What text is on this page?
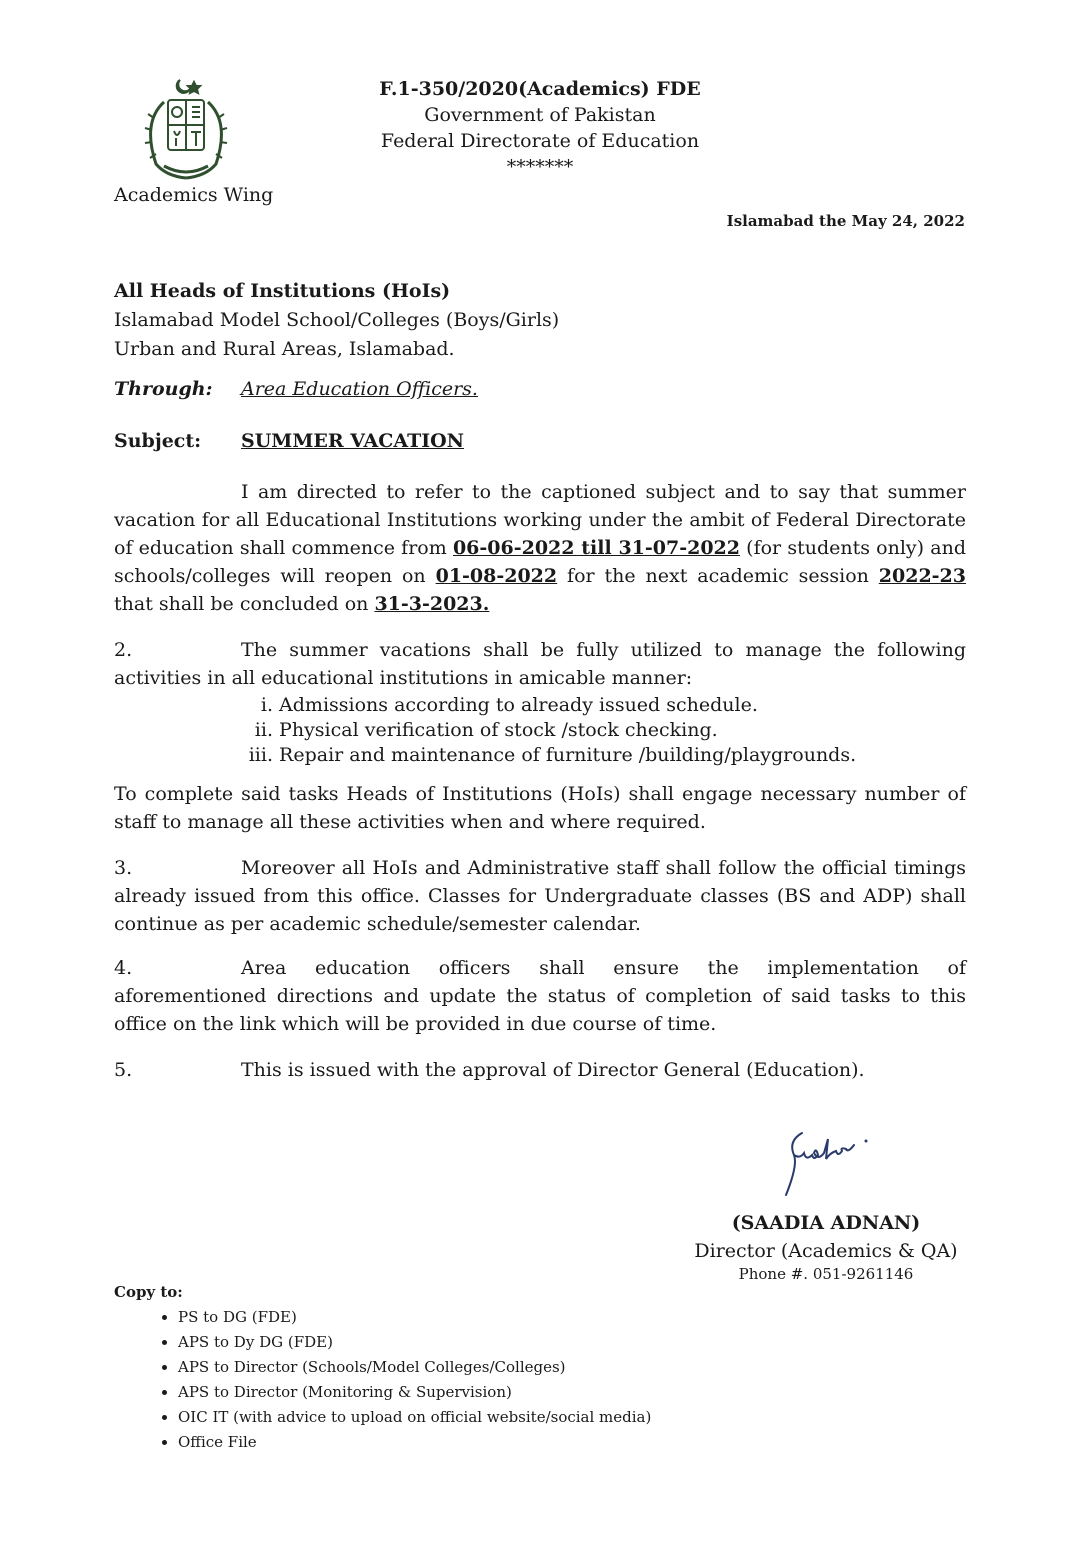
Academics Wing
F.1-350/2020(Academics) FDE
Government of Pakistan
Federal Directorate of Education
*******
Islamabad the May 24, 2022
All Heads of Institutions (HoIs)
Islamabad Model School/Colleges (Boys/Girls)
Urban and Rural Areas, Islamabad.
Through: Area Education Officers.
Subject: SUMMER VACATION
I am directed to refer to the captioned subject and to say that summer vacation for all Educational Institutions working under the ambit of Federal Directorate of education shall commence from 06-06-2022 till 31-07-2022 (for students only) and schools/colleges will reopen on 01-08-2022 for the next academic session 2022-23 that shall be concluded on 31-3-2023.
2.	The summer vacations shall be fully utilized to manage the following activities in all educational institutions in amicable manner:
i. Admissions according to already issued schedule.
ii. Physical verification of stock /stock checking.
iii. Repair and maintenance of furniture /building/playgrounds.
To complete said tasks Heads of Institutions (HoIs) shall engage necessary number of staff to manage all these activities when and where required.
3.	Moreover all HoIs and Administrative staff shall follow the official timings already issued from this office. Classes for Undergraduate classes (BS and ADP) shall continue as per academic schedule/semester calendar.
4.	Area education officers shall ensure the implementation of aforementioned directions and update the status of completion of said tasks to this office on the link which will be provided in due course of time.
5.	This is issued with the approval of Director General (Education).
(SAADIA ADNAN)
Director (Academics & QA)
Phone #. 051-9261146
Copy to:
• PS to DG (FDE)
• APS to Dy DG (FDE)
• APS to Director (Schools/Model Colleges/Colleges)
• APS to Director (Monitoring & Supervision)
• OIC IT (with advice to upload on official website/social media)
• Office File
